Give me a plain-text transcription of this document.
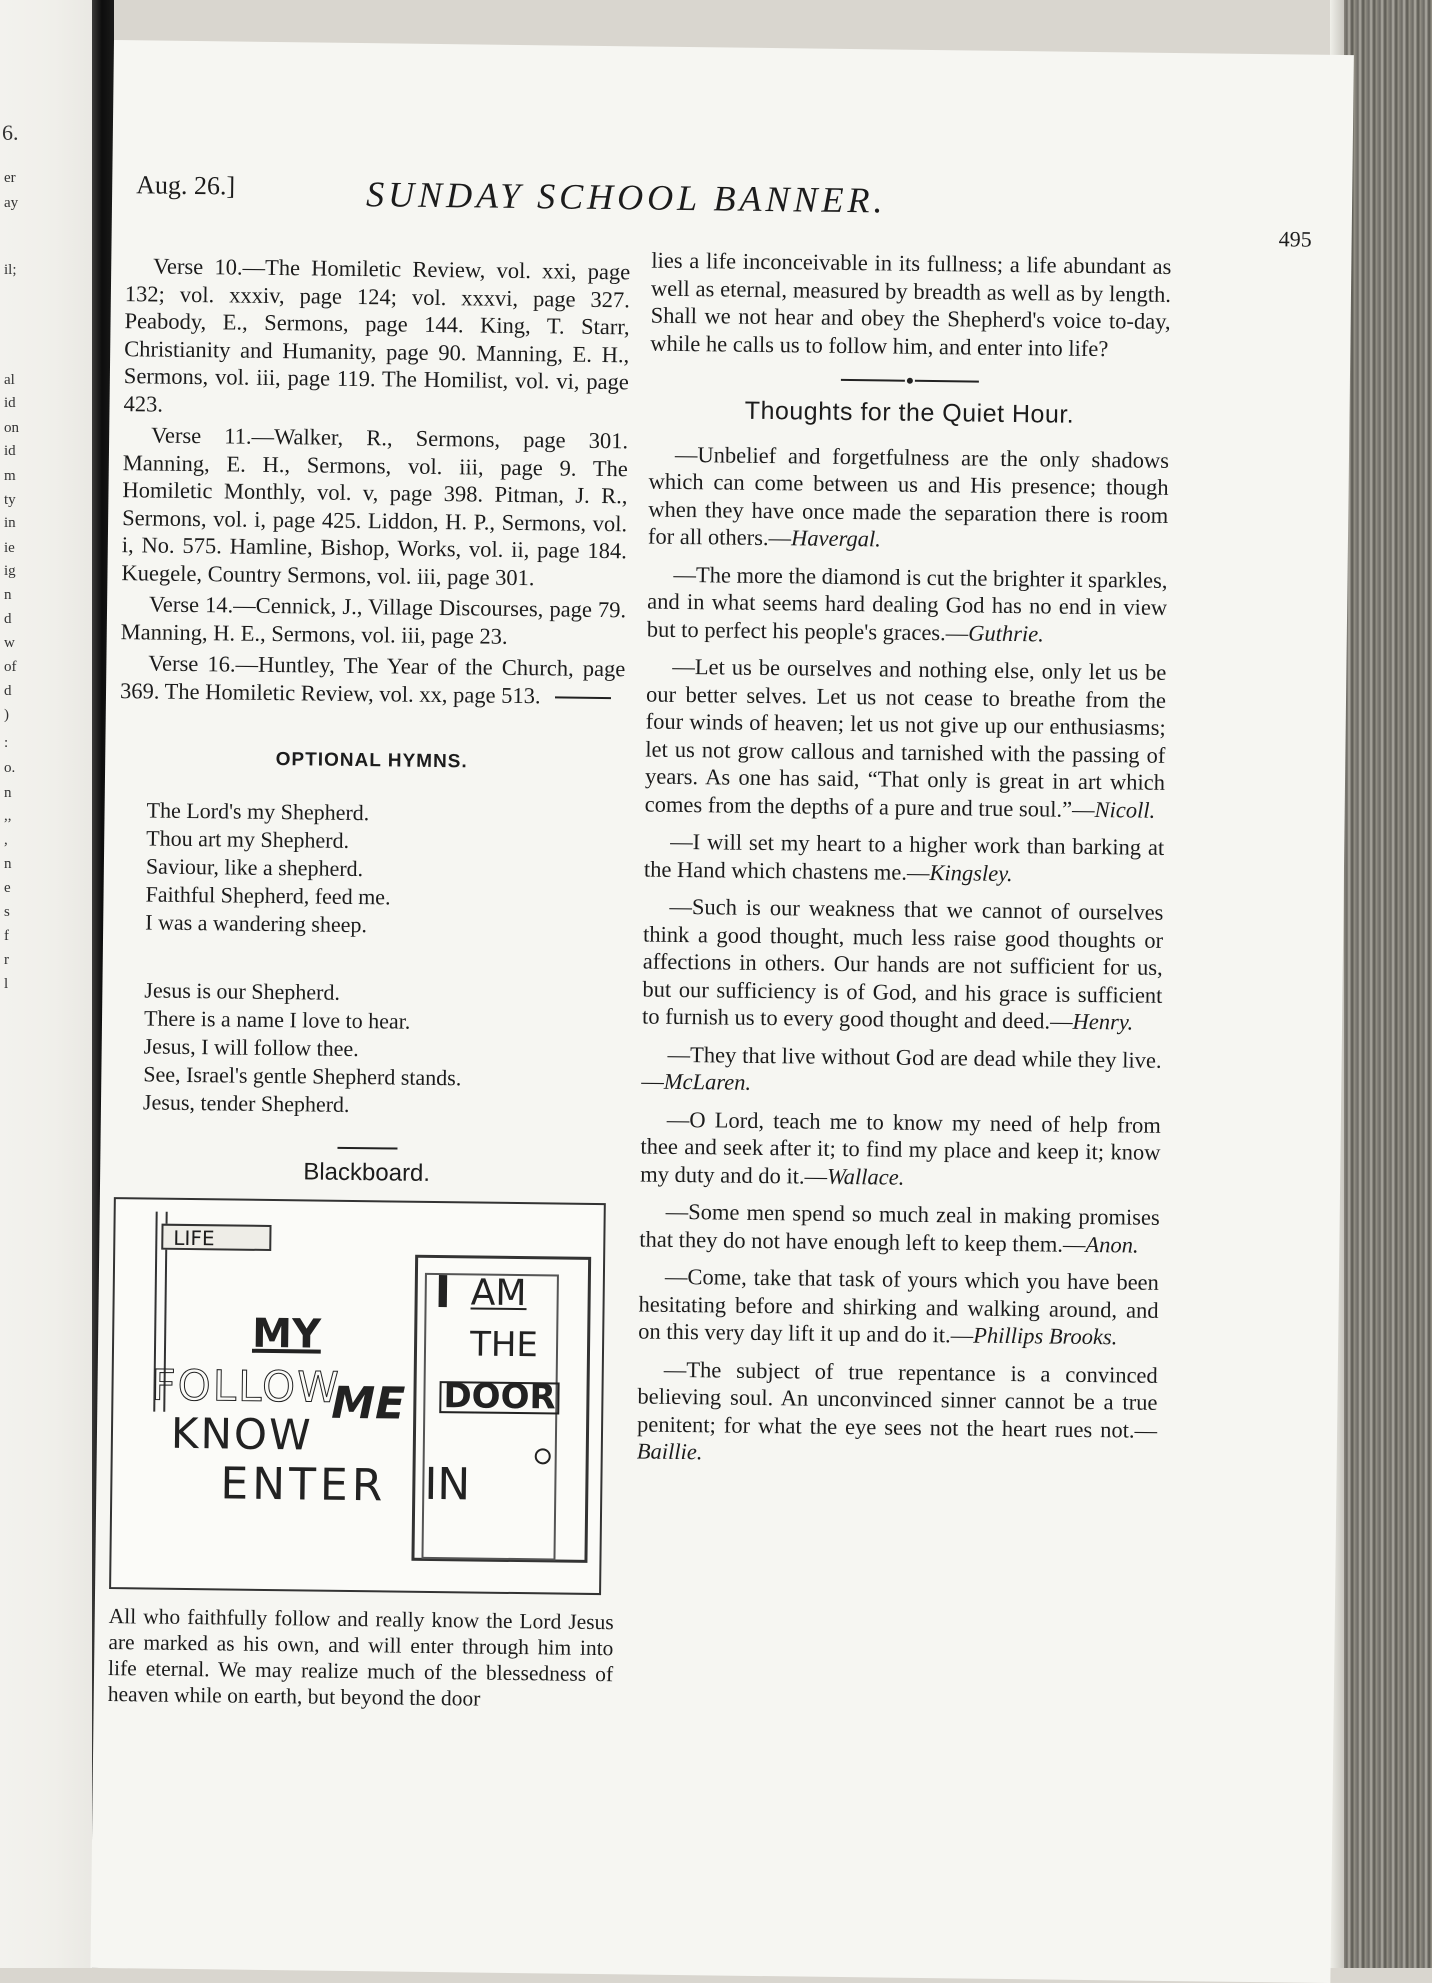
6.
er
ay
il;
al
id
on
id
m
ty
in
ie
ig
n
d
w
of
d
)
:
o.
n
,,
,
n
e
s
f
r
l
Aug. 26.]	SUNDAY SCHOOL BANNER.
495

Verse 10.—The Homiletic Review, vol. xxi, page 132; vol. xxxiv, page 124; vol. xxxvi, page 327. Peabody, E., Sermons, page 144. King, T. Starr, Christianity and Humanity, page 90. Manning, E. H., Sermons, vol. iii, page 119. The Homilist, vol. vi, page 423.

Verse 11.—Walker, R., Sermons, page 301. Manning, E. H., Sermons, vol. iii, page 9. The Homiletic Monthly, vol. v, page 398. Pitman, J. R., Sermons, vol. i, page 425. Liddon, H. P., Sermons, vol. i, No. 575. Hamline, Bishop, Works, vol. ii, page 184. Kuegele, Country Sermons, vol. iii, page 301.

Verse 14.—Cennick, J., Village Discourses, page 79. Manning, H. E., Sermons, vol. iii, page 23.

Verse 16.—Huntley, The Year of the Church, page 369. The Homiletic Review, vol. xx, page 513.

OPTIONAL HYMNS.
The Lord's my Shepherd.
Thou art my Shepherd.
Saviour, like a shepherd.
Faithful Shepherd, feed me.
I was a wandering sheep.
Jesus is our Shepherd.
There is a name I love to hear.
Jesus, I will follow thee.
See, Israel's gentle Shepherd stands.
Jesus, tender Shepherd.
Blackboard.
LIFE
I AM
THE
DOOR
MY
FOLLOW
ME
KNOW
ENTER IN

All who faithfully follow and really know the Lord Jesus are marked as his own, and will enter through him into life eternal. We may realize much of the blessedness of heaven while on earth, but beyond the door

lies a life inconceivable in its fullness; a life abundant as well as eternal, measured by breadth as well as by length. Shall we not hear and obey the Shepherd's voice to-day, while he calls us to follow him, and enter into life?

Thoughts for the Quiet Hour.

—Unbelief and forgetfulness are the only shadows which can come between us and His presence; though when they have once made the separation there is room for all others.—Havergal.

—The more the diamond is cut the brighter it sparkles, and in what seems hard dealing God has no end in view but to perfect his people's graces.—Guthrie.

—Let us be ourselves and nothing else, only let us be our better selves. Let us not cease to breathe from the four winds of heaven; let us not give up our enthusiasms; let us not grow callous and tarnished with the passing of years. As one has said, “That only is great in art which comes from the depths of a pure and true soul.”—Nicoll.

—I will set my heart to a higher work than barking at the Hand which chastens me.—Kingsley.

—Such is our weakness that we cannot of ourselves think a good thought, much less raise good thoughts or affections in others. Our hands are not sufficient for us, but our sufficiency is of God, and his grace is sufficient to furnish us to every good thought and deed.—Henry.

—They that live without God are dead while they live.—McLaren.

—O Lord, teach me to know my need of help from thee and seek after it; to find my place and keep it; know my duty and do it.—Wallace.

—Some men spend so much zeal in making promises that they do not have enough left to keep them.—Anon.

—Come, take that task of yours which you have been hesitating before and shirking and walking around, and on this very day lift it up and do it.—Phillips Brooks.

—The subject of true repentance is a convinced believing soul. An unconvinced sinner cannot be a true penitent; for what the eye sees not the heart rues not.—Baillie.
